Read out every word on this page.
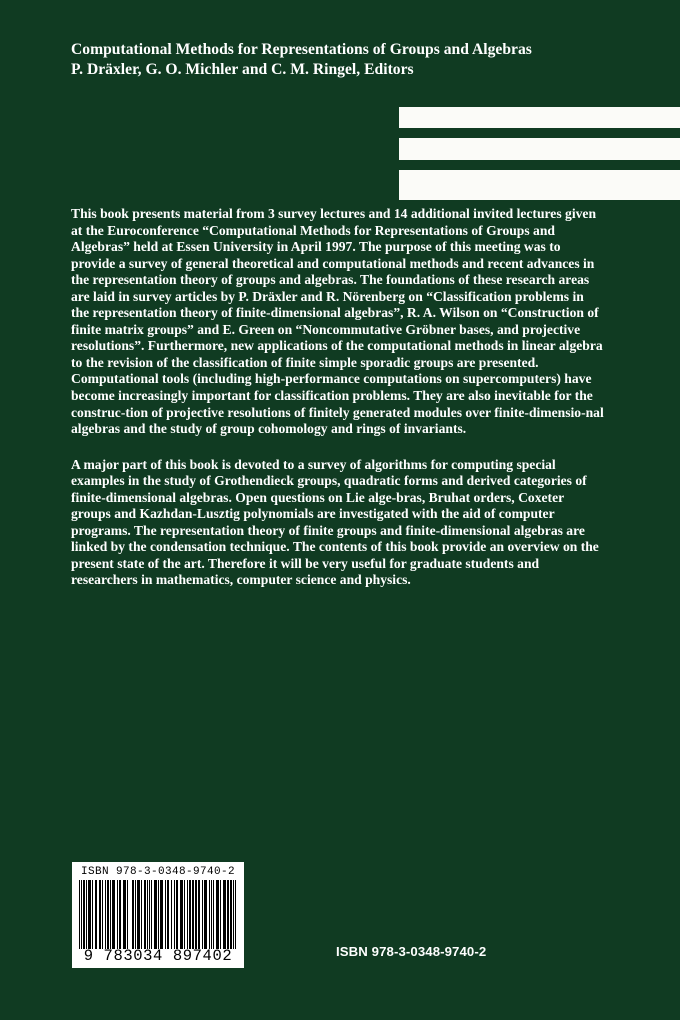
Computational Methods for Representations of Groups and Algebras
P. Dräxler, G. O. Michler and C. M. Ringel, Editors

This book presents material from 3 survey lectures and 14 additional invited lectures given at the Euroconference “Computational Methods for Representations of Groups and Algebras” held at Essen University in April 1997. The purpose of this meeting was to provide a survey of general theoretical and computational methods and recent advances in the representation theory of groups and algebras. The foundations of these research areas are laid in survey articles by P. Dräxler and R. Nörenberg on “Classification problems in the representation theory of finite-dimensional algebras”, R. A. Wilson on “Construction of finite matrix groups” and E. Green on “Noncommutative Gröbner bases, and projective resolutions”. Furthermore, new applications of the computational methods in linear algebra to the revision of the classification of finite simple sporadic groups are presented. Computational tools (including high-performance computations on supercomputers) have become increasingly important for classification problems. They are also inevitable for the construc-tion of projective resolutions of finitely generated modules over finite-dimensio-nal algebras and the study of group cohomology and rings of invariants.

A major part of this book is devoted to a survey of algorithms for computing special examples in the study of Grothendieck groups, quadratic forms and derived categories of finite-dimensional algebras. Open questions on Lie alge-bras, Bruhat orders, Coxeter groups and Kazhdan-Lusztig polynomials are investigated with the aid of computer programs. The representation theory of finite groups and finite-dimensional algebras are linked by the condensation technique. The contents of this book provide an overview on the present state of the art. Therefore it will be very useful for graduate students and researchers in mathematics, computer science and physics.

ISBN 978-3-0348-9740-2
9 783034 897402	ISBN 978-3-0348-9740-2
